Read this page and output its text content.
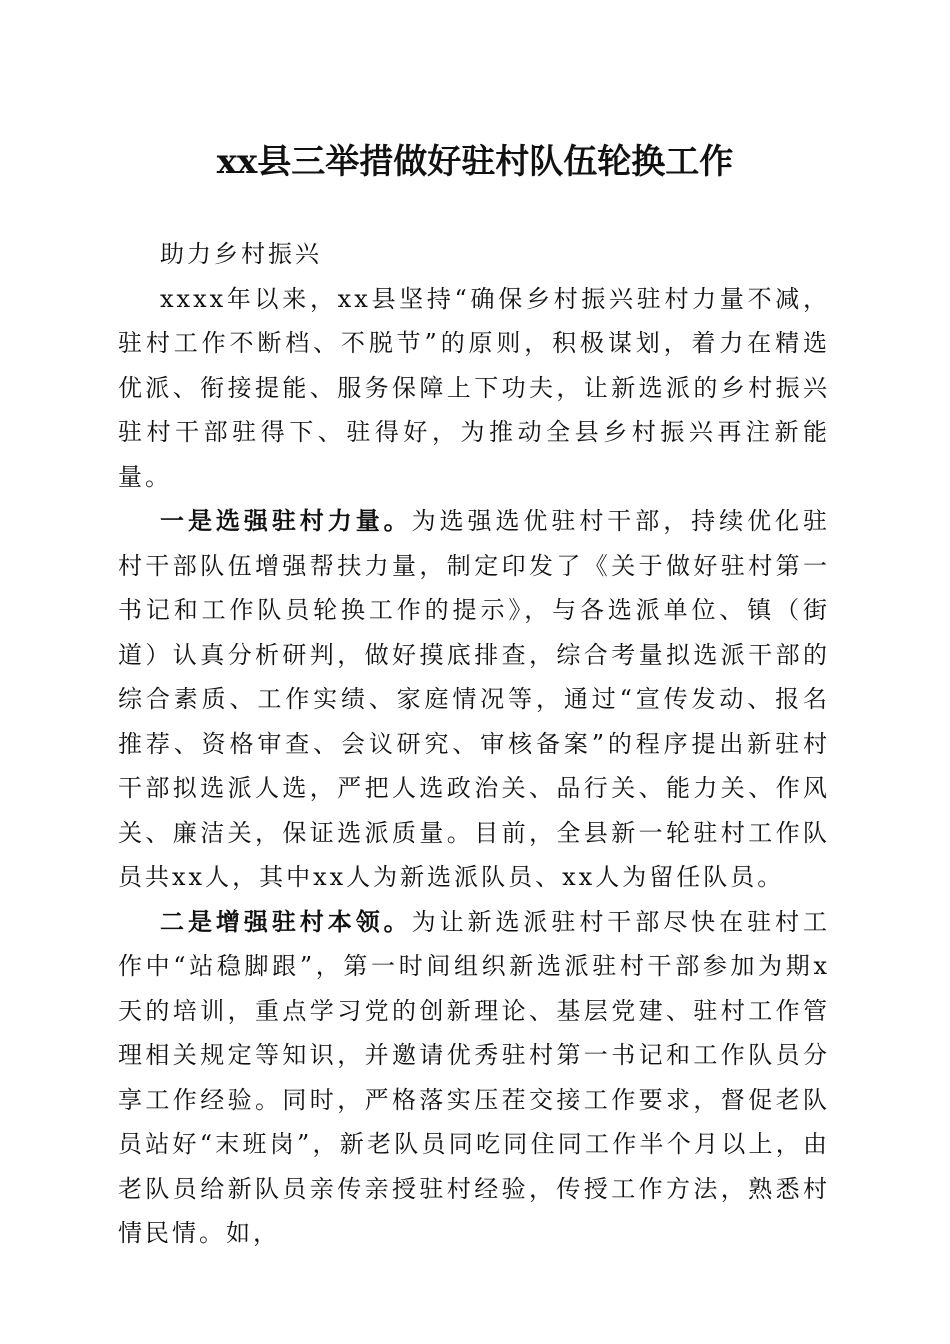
xx县三举措做好驻村队伍轮换工作

助力乡村振兴

xxxx年以来，xx县坚持“确保乡村振兴驻村力量不减，驻村工作不断档、不脱节”的原则，积极谋划，着力在精选优派、衔接提能、服务保障上下功夫，让新选派的乡村振兴驻村干部驻得下、驻得好，为推动全县乡村振兴再注新能量。

一是选强驻村力量。为选强选优驻村干部，持续优化驻村干部队伍增强帮扶力量，制定印发了《关于做好驻村第一书记和工作队员轮换工作的提示》，与各选派单位、镇（街道）认真分析研判，做好摸底排查，综合考量拟选派干部的综合素质、工作实绩、家庭情况等，通过“宣传发动、报名推荐、资格审查、会议研究、审核备案”的程序提出新驻村干部拟选派人选，严把人选政治关、品行关、能力关、作风关、廉洁关，保证选派质量。目前，全县新一轮驻村工作队员共xx人，其中xx人为新选派队员、xx人为留任队员。

二是增强驻村本领。为让新选派驻村干部尽快在驻村工作中“站稳脚跟”，第一时间组织新选派驻村干部参加为期x天的培训，重点学习党的创新理论、基层党建、驻村工作管理相关规定等知识，并邀请优秀驻村第一书记和工作队员分享工作经验。同时，严格落实压茬交接工作要求，督促老队员站好“末班岗”，新老队员同吃同住同工作半个月以上，由老队员给新队员亲传亲授驻村经验，传授工作方法，熟悉村情民情。如，
